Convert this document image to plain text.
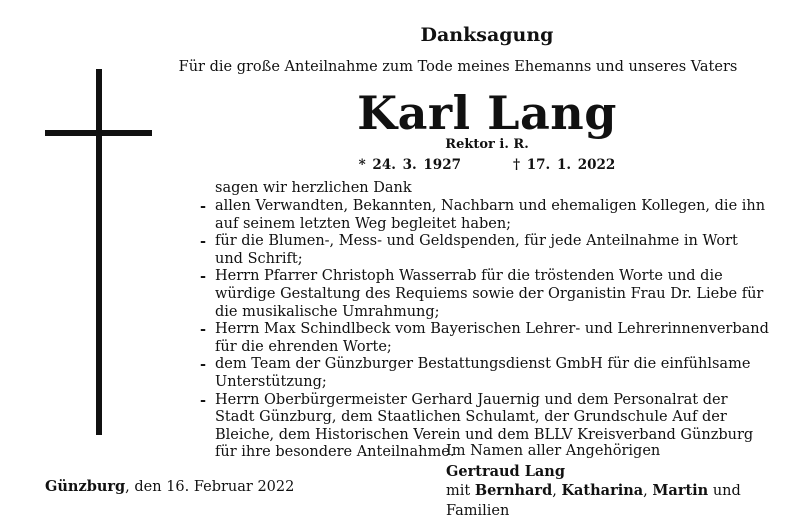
Danksagung
Für die große Anteilnahme zum Tode meines Ehemanns und unseres Vaters
Karl Lang
Rektor i. R.
* 24. 3. 1927	† 17. 1. 2022
sagen wir herzlichen Dank
- allen Verwandten, Bekannten, Nachbarn und ehemaligen Kollegen, die ihn auf seinem letzten Weg begleitet haben;
- für die Blumen-, Mess- und Geldspenden, für jede Anteilnahme in Wort und Schrift;
- Herrn Pfarrer Christoph Wasserrab für die tröstenden Worte und die würdige Gestaltung des Requiems sowie der Organistin Frau Dr. Liebe für die musikalische Umrahmung;
- Herrn Max Schindlbeck vom Bayerischen Lehrer- und Lehrerinnenverband für die ehrenden Worte;
- dem Team der Günzburger Bestattungsdienst GmbH für die einfühlsame Unterstützung;
- Herrn Oberbürgermeister Gerhard Jauernig und dem Personalrat der Stadt Günzburg, dem Staatlichen Schulamt, der Grundschule Auf der Bleiche, dem Historischen Verein und dem BLLV Kreisverband Günzburg für ihre besondere Anteilnahme.
Im Namen aller Angehörigen
Gertraud Lang
mit Bernhard, Katharina, Martin und Familien
Günzburg, den 16. Februar 2022
